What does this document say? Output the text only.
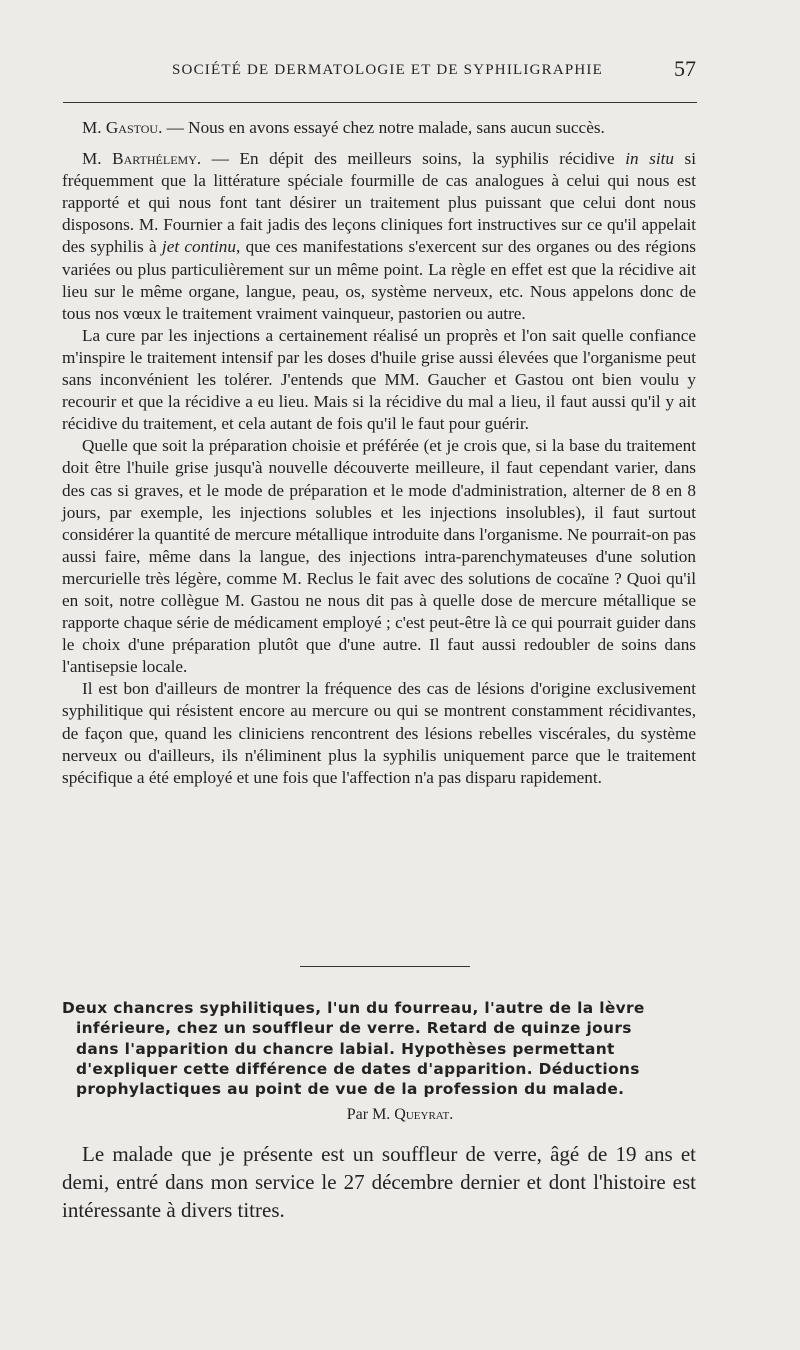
SOCIÉTÉ DE DERMATOLOGIE ET DE SYPHILIGRAPHIE	57

M. Gastou. — Nous en avons essayé chez notre malade, sans aucun succès.

M. Barthélemy. — En dépit des meilleurs soins, la syphilis récidive in situ si fréquemment que la littérature spéciale fourmille de cas analogues à celui qui nous est rapporté et qui nous font tant désirer un traitement plus puissant que celui dont nous disposons. M. Fournier a fait jadis des leçons cliniques fort instructives sur ce qu'il appelait des syphilis à jet continu, que ces manifestations s'exercent sur des organes ou des régions variées ou plus particulièrement sur un même point. La règle en effet est que la récidive ait lieu sur le même organe, langue, peau, os, système nerveux, etc. Nous appelons donc de tous nos vœux le traitement vraiment vainqueur, pastorien ou autre.

La cure par les injections a certainement réalisé un proprès et l'on sait quelle confiance m'inspire le traitement intensif par les doses d'huile grise aussi élevées que l'organisme peut sans inconvénient les tolérer. J'entends que MM. Gaucher et Gastou ont bien voulu y recourir et que la récidive a eu lieu. Mais si la récidive du mal a lieu, il faut aussi qu'il y ait récidive du traitement, et cela autant de fois qu'il le faut pour guérir.

Quelle que soit la préparation choisie et préférée (et je crois que, si la base du traitement doit être l'huile grise jusqu'à nouvelle découverte meilleure, il faut cependant varier, dans des cas si graves, et le mode de préparation et le mode d'administration, alterner de 8 en 8 jours, par exemple, les injections solubles et les injections insolubles), il faut surtout considérer la quantité de mercure métallique introduite dans l'organisme. Ne pourrait-on pas aussi faire, même dans la langue, des injections intra-parenchymateuses d'une solution mercurielle très légère, comme M. Reclus le fait avec des solutions de cocaïne ? Quoi qu'il en soit, notre collègue M. Gastou ne nous dit pas à quelle dose de mercure métallique se rapporte chaque série de médicament employé ; c'est peut-être là ce qui pourrait guider dans le choix d'une préparation plutôt que d'une autre. Il faut aussi redoubler de soins dans l'antisepsie locale.

Il est bon d'ailleurs de montrer la fréquence des cas de lésions d'origine exclusivement syphilitique qui résistent encore au mercure ou qui se montrent constamment récidivantes, de façon que, quand les cliniciens rencontrent des lésions rebelles viscérales, du système nerveux ou d'ailleurs, ils n'éliminent plus la syphilis uniquement parce que le traitement spécifique a été employé et une fois que l'affection n'a pas disparu rapidement.

Deux chancres syphilitiques, l'un du fourreau, l'autre de la lèvre
inférieure, chez un souffleur de verre. Retard de quinze jours
dans l'apparition du chancre labial. Hypothèses permettant
d'expliquer cette différence de dates d'apparition. Déductions
prophylactiques au point de vue de la profession du malade.
Par M. Queyrat.

Le malade que je présente est un souffleur de verre, âgé de 19 ans et demi, entré dans mon service le 27 décembre dernier et dont l'histoire est intéressante à divers titres.
